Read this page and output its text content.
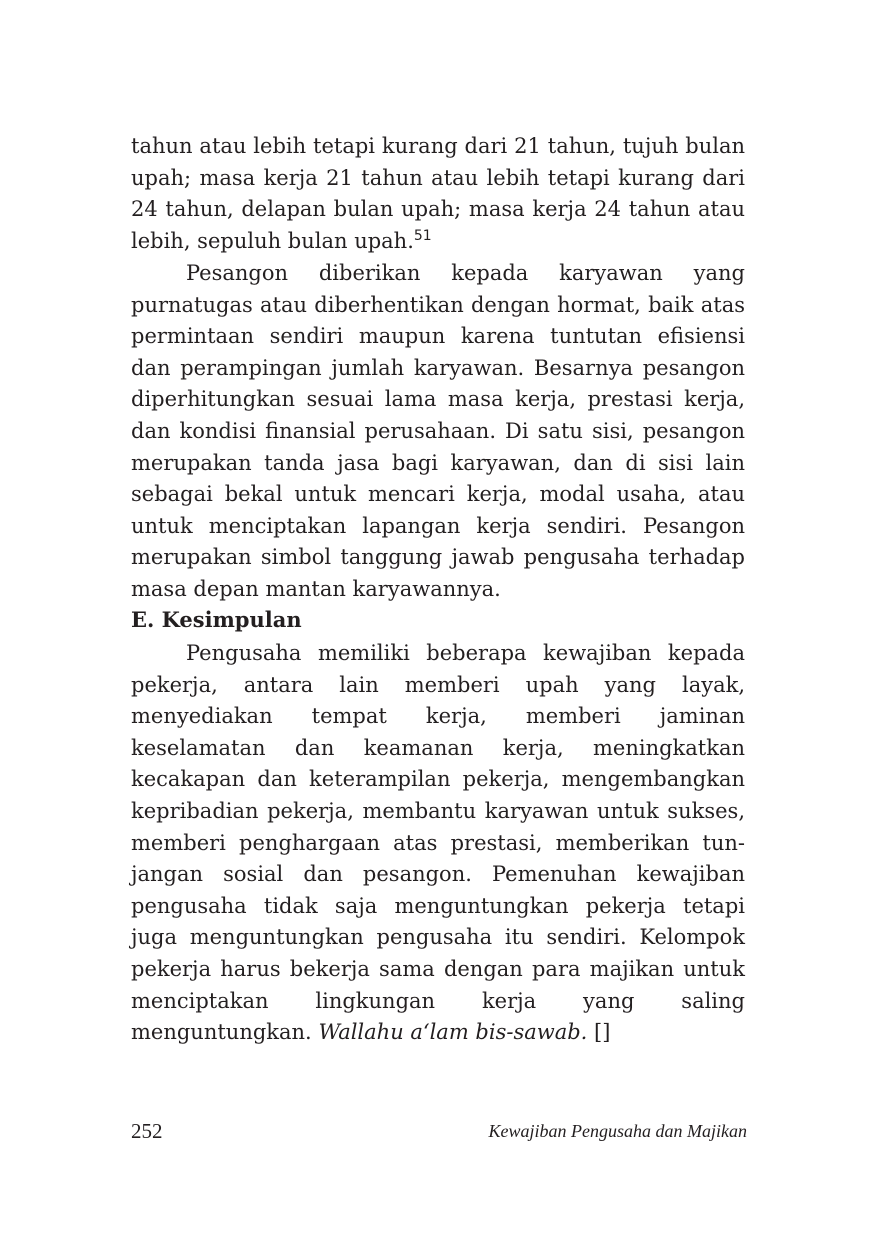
tahun atau lebih tetapi kurang dari 21 tahun, tujuh bulan upah; masa kerja 21 tahun atau lebih tetapi kurang dari 24 tahun, delapan bulan upah; masa kerja 24 tahun atau lebih, sepuluh bulan upah.$^{51}$
Pesangon diberikan kepada karyawan yang purnatugas atau diberhentikan dengan hormat, baik atas permintaan sendiri maupun karena tuntutan efisiensi dan perampingan jumlah karyawan. Besarnya pesangon diperhitungkan sesuai lama masa kerja, prestasi kerja, dan kondisi finansial perusahaan. Di satu sisi, pesangon merupakan tanda jasa bagi karyawan, dan di sisi lain sebagai bekal untuk mencari kerja, modal usaha, atau untuk menciptakan lapangan kerja sendiri. Pesangon merupakan simbol tanggung jawab pengusaha terhadap masa depan mantan karyawannya.
E. Kesimpulan
Pengusaha memiliki beberapa kewajiban kepada pekerja, antara lain memberi upah yang layak, menyediakan tempat kerja, memberi jaminan keselamatan dan keamanan kerja, meningkatkan kecakapan dan keterampilan pekerja, mengembangkan kepribadian pekerja, membantu karyawan untuk sukses, memberi penghargaan atas prestasi, memberikan tunjangan sosial dan pesangon. Pemenuhan kewajiban pengusaha tidak saja menguntungkan pekerja tetapi juga menguntungkan pengusaha itu sendiri. Kelompok pekerja harus bekerja sama dengan para majikan untuk menciptakan lingkungan kerja yang saling menguntungkan. Wallahu a‘lam bis-sawab. []
252	Kewajiban Pengusaha dan Majikan
